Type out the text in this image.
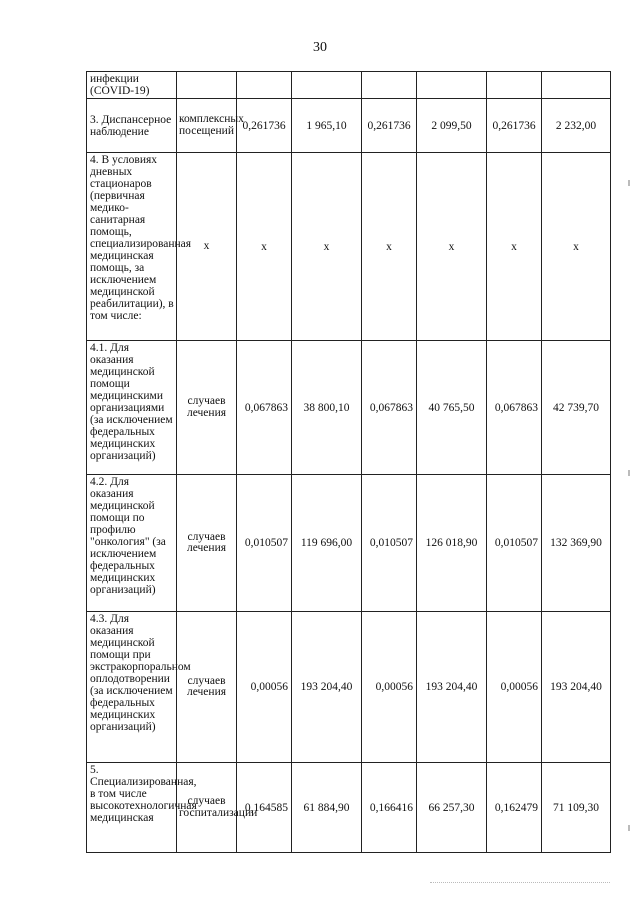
30
инфекции (COVID-19)							
3. Диспансерное наблюдение	комплексных посещений	0,261736	1 965,10	0,261736	2 099,50	0,261736	2 232,00
4. В условиях дневных стационаров (первичная медико-санитарная помощь, специализированная медицинская помощь, за исключением медицинской реабилитации), в том числе:	х	х	х	х	х	х	х
4.1. Для оказания медицинской помощи медицинскими организациями (за исключением федеральных медицинских организаций)	случаев лечения	0,067863	38 800,10	0,067863	40 765,50	0,067863	42 739,70
4.2. Для оказания медицинской помощи по профилю "онкология" (за исключением федеральных медицинских организаций)	случаев лечения	0,010507	119 696,00	0,010507	126 018,90	0,010507	132 369,90
4.3. Для оказания медицинской помощи при экстракорпоральном оплодотворении (за исключением федеральных медицинских организаций)	случаев лечения	0,00056	193 204,40	0,00056	193 204,40	0,00056	193 204,40
5. Специализированная, в том числе высокотехнологичная медицинская	случаев госпитализации	0,164585	61 884,90	0,166416	66 257,30	0,162479	71 109,30
